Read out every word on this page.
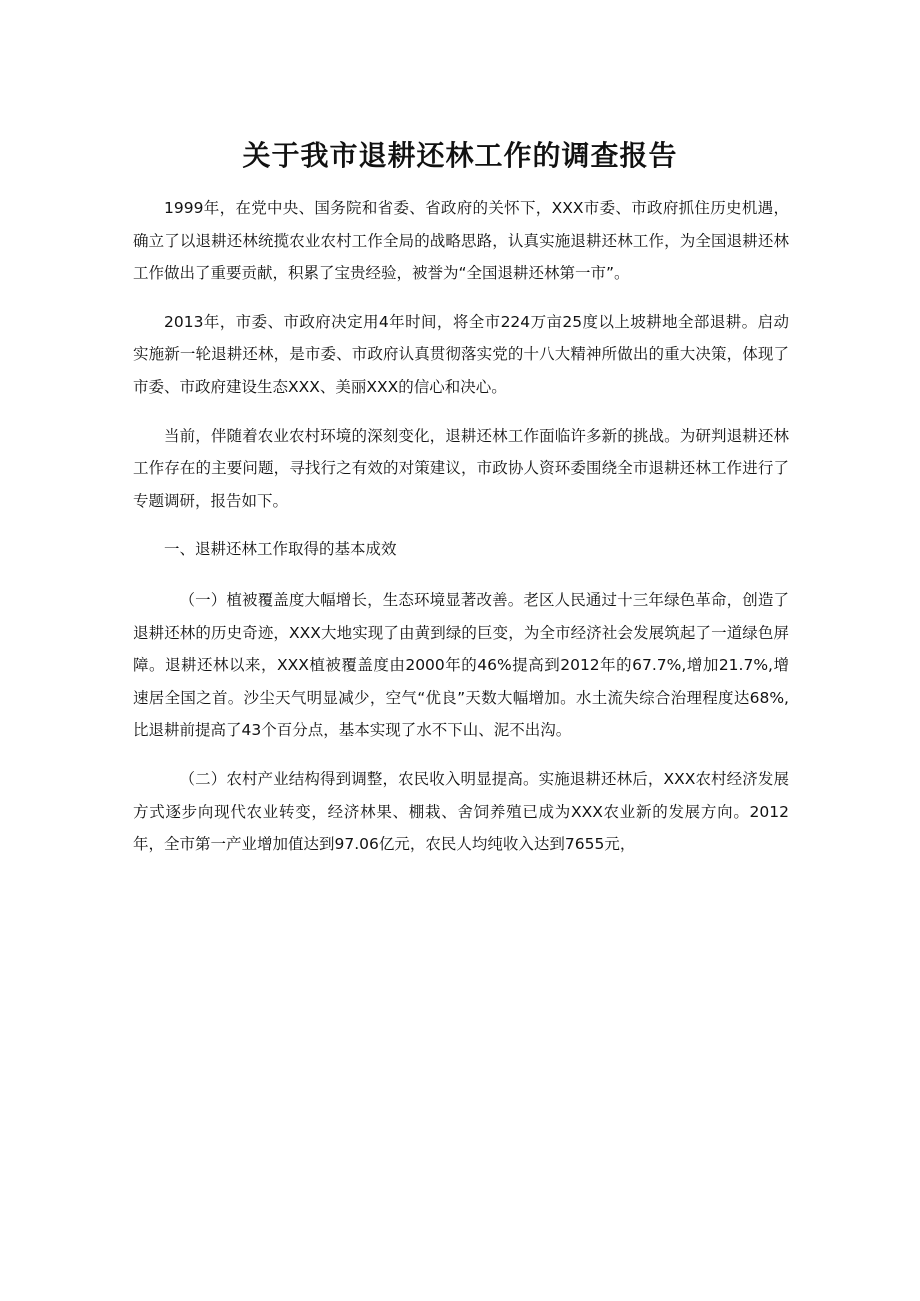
关于我市退耕还林工作的调查报告

1999年，在党中央、国务院和省委、省政府的关怀下，XXX市委、市政府抓住历史机遇，确立了以退耕还林统揽农业农村工作全局的战略思路，认真实施退耕还林工作，为全国退耕还林工作做出了重要贡献，积累了宝贵经验，被誉为“全国退耕还林第一市”。

2013年，市委、市政府决定用4年时间，将全市224万亩25度以上坡耕地全部退耕。启动实施新一轮退耕还林，是市委、市政府认真贯彻落实党的十八大精神所做出的重大决策，体现了市委、市政府建设生态XXX、美丽XXX的信心和决心。

当前，伴随着农业农村环境的深刻变化，退耕还林工作面临许多新的挑战。为研判退耕还林工作存在的主要问题，寻找行之有效的对策建议，市政协人资环委围绕全市退耕还林工作进行了专题调研，报告如下。

一、退耕还林工作取得的基本成效

（一）植被覆盖度大幅增长，生态环境显著改善。老区人民通过十三年绿色革命，创造了退耕还林的历史奇迹，XXX大地实现了由黄到绿的巨变，为全市经济社会发展筑起了一道绿色屏障。退耕还林以来，XXX植被覆盖度由2000年的46%提高到2012年的67.7%,增加21.7%,增速居全国之首。沙尘天气明显减少，空气“优良”天数大幅增加。水土流失综合治理程度达68%,比退耕前提高了43个百分点，基本实现了水不下山、泥不出沟。

（二）农村产业结构得到调整，农民收入明显提高。实施退耕还林后，XXX农村经济发展方式逐步向现代农业转变，经济林果、棚栽、舍饲养殖已成为XXX农业新的发展方向。2012年，全市第一产业增加值达到97.06亿元，农民人均纯收入达到7655元，
